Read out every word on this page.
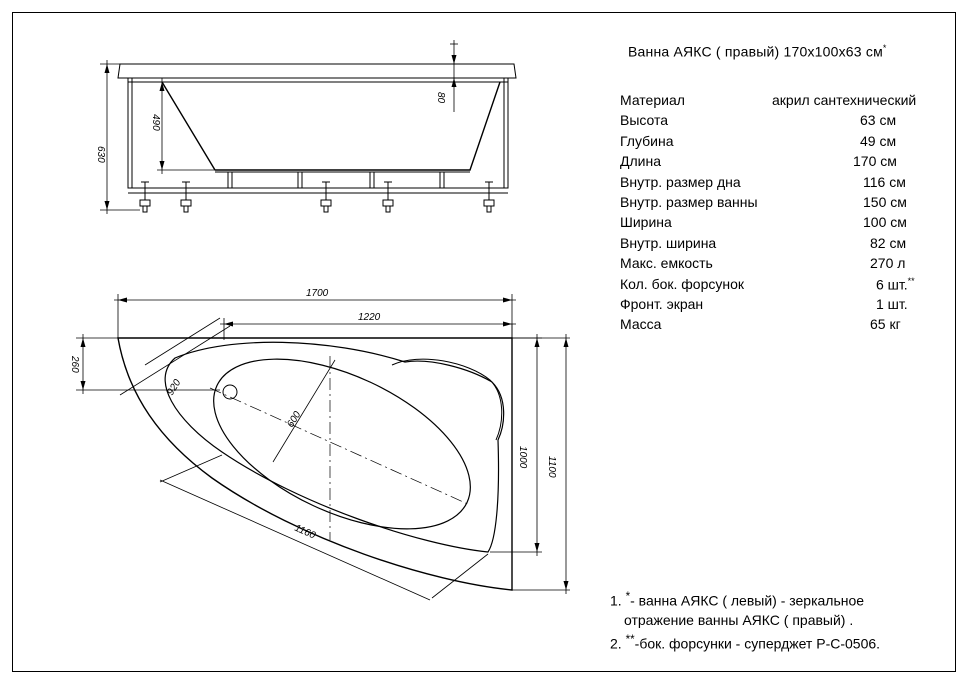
630
490
80
1700
1220
260
920
600
1160
1000 1100
Ванна АЯКС ( правый) 170х100х63 см*
Материал	акрил сантехнический
Высота	63 см
Глубина	49 см
Длина	170 см
Внутр. размер дна	116 см
Внутр. размер ванны	150 см
Ширина	100 см
Внутр. ширина	82 см
Макс. емкость	270 л
Кол. бок. форсунок	6 шт.**
Фронт. экран	1 шт.
Масса	65 кг
1. *- ванна АЯКС ( левый) - зеркальное
отражение ванны АЯКС ( правый) .
2. **-бок. форсунки - суперджет Р-С-0506.
